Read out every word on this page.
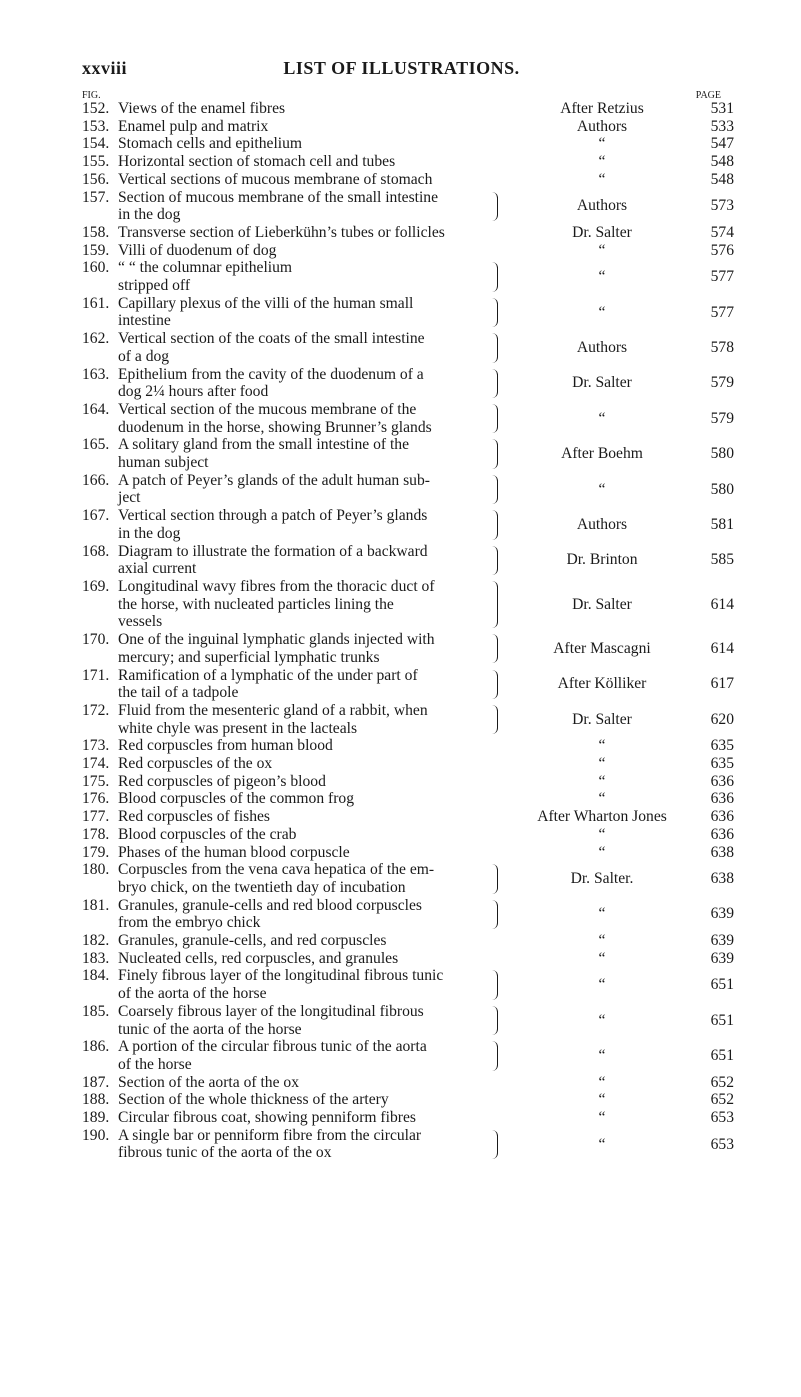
xxviii	LIST OF ILLUSTRATIONS.
FIG.	PAGE
152. Views of the enamel fibres	After Retzius	531
153. Enamel pulp and matrix	Authors	533
154. Stomach cells and epithelium	“	547
155. Horizontal section of stomach cell and tubes	“	548
156. Vertical sections of mucous membrane of stomach	“	548
157. Section of mucous membrane of the small intestine
in the dog
Authors	573
158. Transverse section of Lieberkühn’s tubes or follicles	Dr. Salter	574
159. Villi of duodenum of dog	“	576
160. “ “ the columnar epithelium
stripped off
“	577
161. Capillary plexus of the villi of the human small
intestine
“	577
162. Vertical section of the coats of the small intestine
of a dog
Authors	578
163. Epithelium from the cavity of the duodenum of a
dog 2¼ hours after food
Dr. Salter	579
164. Vertical section of the mucous membrane of the
duodenum in the horse, showing Brunner’s glands
“	579
165. A solitary gland from the small intestine of the
human subject
After Boehm	580
166. A patch of Peyer’s glands of the adult human sub-
ject
“	580
167. Vertical section through a patch of Peyer’s glands
in the dog
Authors	581
168. Diagram to illustrate the formation of a backward
axial current
Dr. Brinton	585
169. Longitudinal wavy fibres from the thoracic duct of
the horse, with nucleated particles lining the
vessels
Dr. Salter	614
170. One of the inguinal lymphatic glands injected with
mercury; and superficial lymphatic trunks
After Mascagni	614
171. Ramification of a lymphatic of the under part of
the tail of a tadpole
After Kölliker	617
172. Fluid from the mesenteric gland of a rabbit, when
white chyle was present in the lacteals
Dr. Salter	620
173. Red corpuscles from human blood	“	635
174. Red corpuscles of the ox	“	635
175. Red corpuscles of pigeon’s blood	“	636
176. Blood corpuscles of the common frog	“	636
177. Red corpuscles of fishes	After Wharton Jones	636
178. Blood corpuscles of the crab	“	636
179. Phases of the human blood corpuscle	“	638
180. Corpuscles from the vena cava hepatica of the em-
bryo chick, on the twentieth day of incubation
Dr. Salter.	638
181. Granules, granule-cells and red blood corpuscles
from the embryo chick
“	639
182. Granules, granule-cells, and red corpuscles	“	639
183. Nucleated cells, red corpuscles, and granules	“	639
184. Finely fibrous layer of the longitudinal fibrous tunic
of the aorta of the horse
“	651
185. Coarsely fibrous layer of the longitudinal fibrous
tunic of the aorta of the horse
“	651
186. A portion of the circular fibrous tunic of the aorta
of the horse
“	651
187. Section of the aorta of the ox	“	652
188. Section of the whole thickness of the artery	“	652
189. Circular fibrous coat, showing penniform fibres	“	653
190. A single bar or penniform fibre from the circular
fibrous tunic of the aorta of the ox
“	653
